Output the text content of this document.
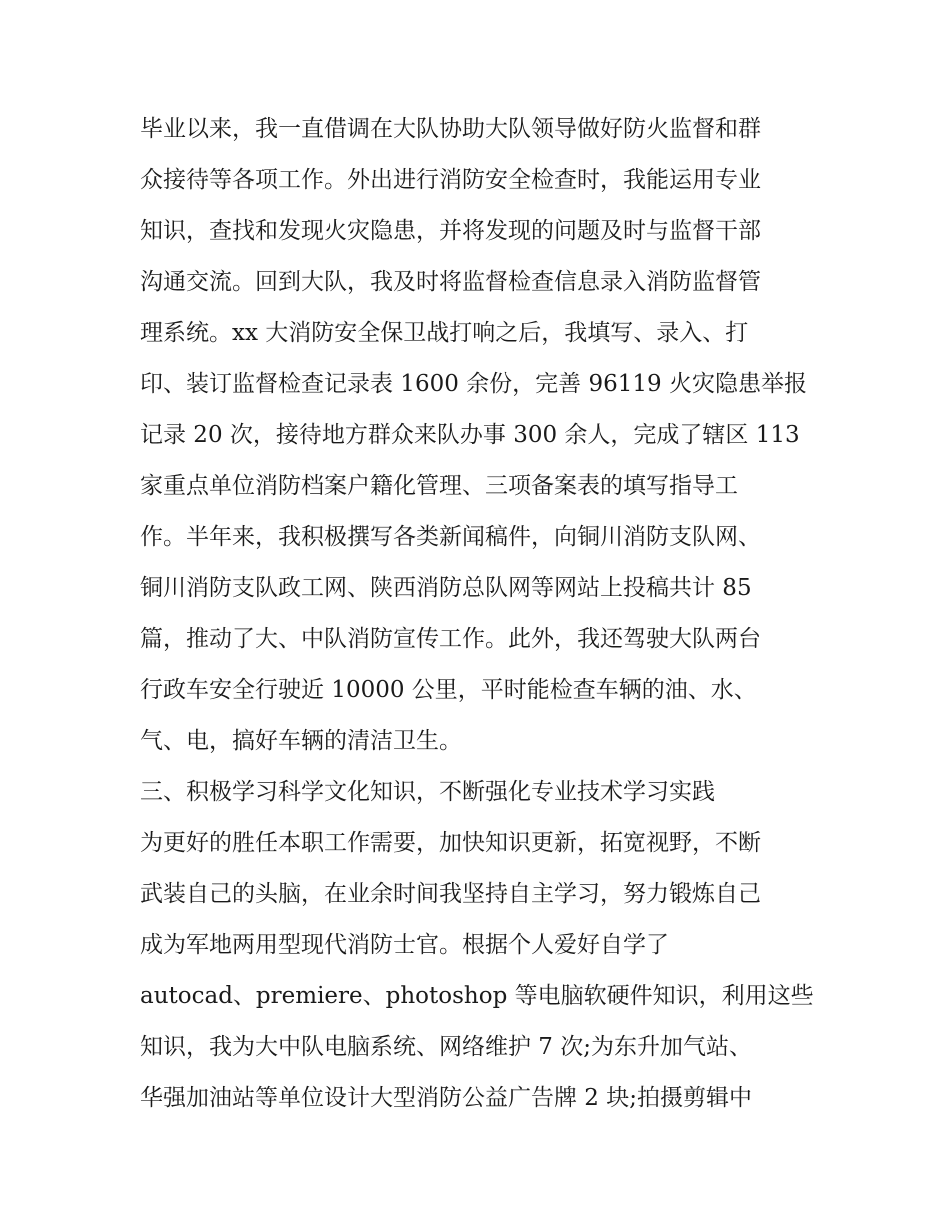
毕业以来，我一直借调在大队协助大队领导做好防火监督和群
众接待等各项工作。外出进行消防安全检查时，我能运用专业
知识，查找和发现火灾隐患，并将发现的问题及时与监督干部
沟通交流。回到大队，我及时将监督检查信息录入消防监督管
理系统。xx 大消防安全保卫战打响之后，我填写、录入、打
印、装订监督检查记录表 1600 余份，完善 96119 火灾隐患举报
记录 20 次，接待地方群众来队办事 300 余人，完成了辖区 113
家重点单位消防档案户籍化管理、三项备案表的填写指导工
作。半年来，我积极撰写各类新闻稿件，向铜川消防支队网、
铜川消防支队政工网、陕西消防总队网等网站上投稿共计 85
篇，推动了大、中队消防宣传工作。此外，我还驾驶大队两台
行政车安全行驶近 10000 公里，平时能检查车辆的油、水、
气、电，搞好车辆的清洁卫生。
三、积极学习科学文化知识，不断强化专业技术学习实践
为更好的胜任本职工作需要，加快知识更新，拓宽视野，不断
武装自己的头脑，在业余时间我坚持自主学习，努力锻炼自己
成为军地两用型现代消防士官。根据个人爱好自学了
autocad、premiere、photoshop 等电脑软硬件知识，利用这些
知识，我为大中队电脑系统、网络维护 7 次;为东升加气站、
华强加油站等单位设计大型消防公益广告牌 2 块;拍摄剪辑中
